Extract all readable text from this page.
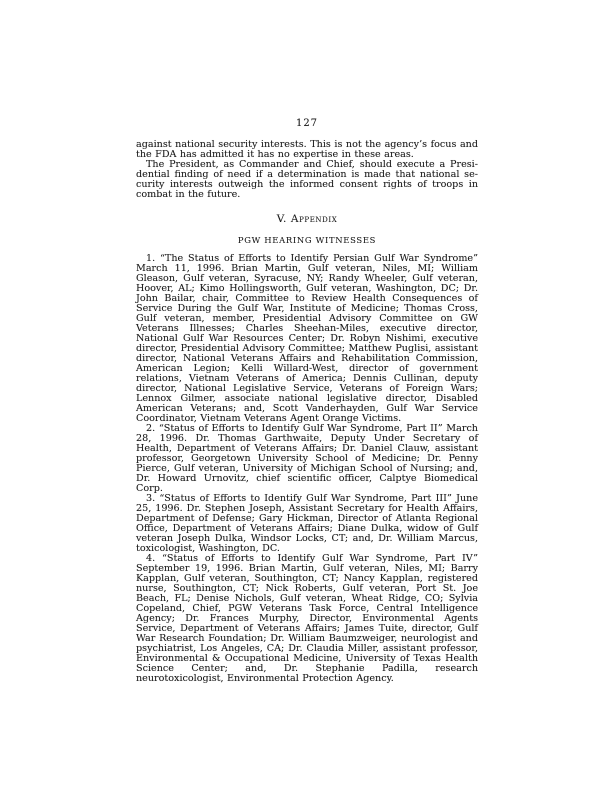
127

against national security interests. This is not the agency’s focus and the FDA has admitted it has no expertise in these areas.

The President, as Commander and Chief, should execute a Presidential finding of need if a determination is made that national security interests outweigh the informed consent rights of troops in combat in the future.

V. Appendix
PGW HEARING WITNESSES

1. “The Status of Efforts to Identify Persian Gulf War Syndrome” March 11, 1996. Brian Martin, Gulf veteran, Niles, MI; William Gleason, Gulf veteran, Syracuse, NY; Randy Wheeler, Gulf veteran, Hoover, AL; Kimo Hollingsworth, Gulf veteran, Washington, DC; Dr. John Bailar, chair, Committee to Review Health Consequences of Service During the Gulf War, Institute of Medicine; Thomas Cross, Gulf veteran, member, Presidential Advisory Committee on GW Veterans Illnesses; Charles Sheehan-Miles, executive director, National Gulf War Resources Center; Dr. Robyn Nishimi, executive director, Presidential Advisory Committee; Matthew Puglisi, assistant director, National Veterans Affairs and Rehabilitation Commission, American Legion; Kelli Willard-West, director of government relations, Vietnam Veterans of America; Dennis Cullinan, deputy director, National Legislative Service, Veterans of Foreign Wars; Lennox Gilmer, associate national legislative director, Disabled American Veterans; and, Scott Vanderhayden, Gulf War Service Coordinator, Vietnam Veterans Agent Orange Victims.

2. “Status of Efforts to Identify Gulf War Syndrome, Part II” March 28, 1996. Dr. Thomas Garthwaite, Deputy Under Secretary of Health, Department of Veterans Affairs; Dr. Daniel Clauw, assistant professor, Georgetown University School of Medicine; Dr. Penny Pierce, Gulf veteran, University of Michigan School of Nursing; and, Dr. Howard Urnovitz, chief scientific officer, Calptye Biomedical Corp.

3. “Status of Efforts to Identify Gulf War Syndrome, Part III” June 25, 1996. Dr. Stephen Joseph, Assistant Secretary for Health Affairs, Department of Defense; Gary Hickman, Director of Atlanta Regional Office, Department of Veterans Affairs; Diane Dulka, widow of Gulf veteran Joseph Dulka, Windsor Locks, CT; and, Dr. William Marcus, toxicologist, Washington, DC.

4. “Status of Efforts to Identify Gulf War Syndrome, Part IV” September 19, 1996. Brian Martin, Gulf veteran, Niles, MI; Barry Kapplan, Gulf veteran, Southington, CT; Nancy Kapplan, registered nurse, Southington, CT; Nick Roberts, Gulf veteran, Port St. Joe Beach, FL; Denise Nichols, Gulf veteran, Wheat Ridge, CO; Sylvia Copeland, Chief, PGW Veterans Task Force, Central Intelligence Agency; Dr. Frances Murphy, Director, Environmental Agents Service, Department of Veterans Affairs; James Tuite, director, Gulf War Research Foundation; Dr. William Baumzweiger, neurologist and psychiatrist, Los Angeles, CA; Dr. Claudia Miller, assistant professor, Environmental & Occupational Medicine, University of Texas Health Science Center; and, Dr. Stephanie Padilla, research neurotoxicologist, Environmental Protection Agency.
